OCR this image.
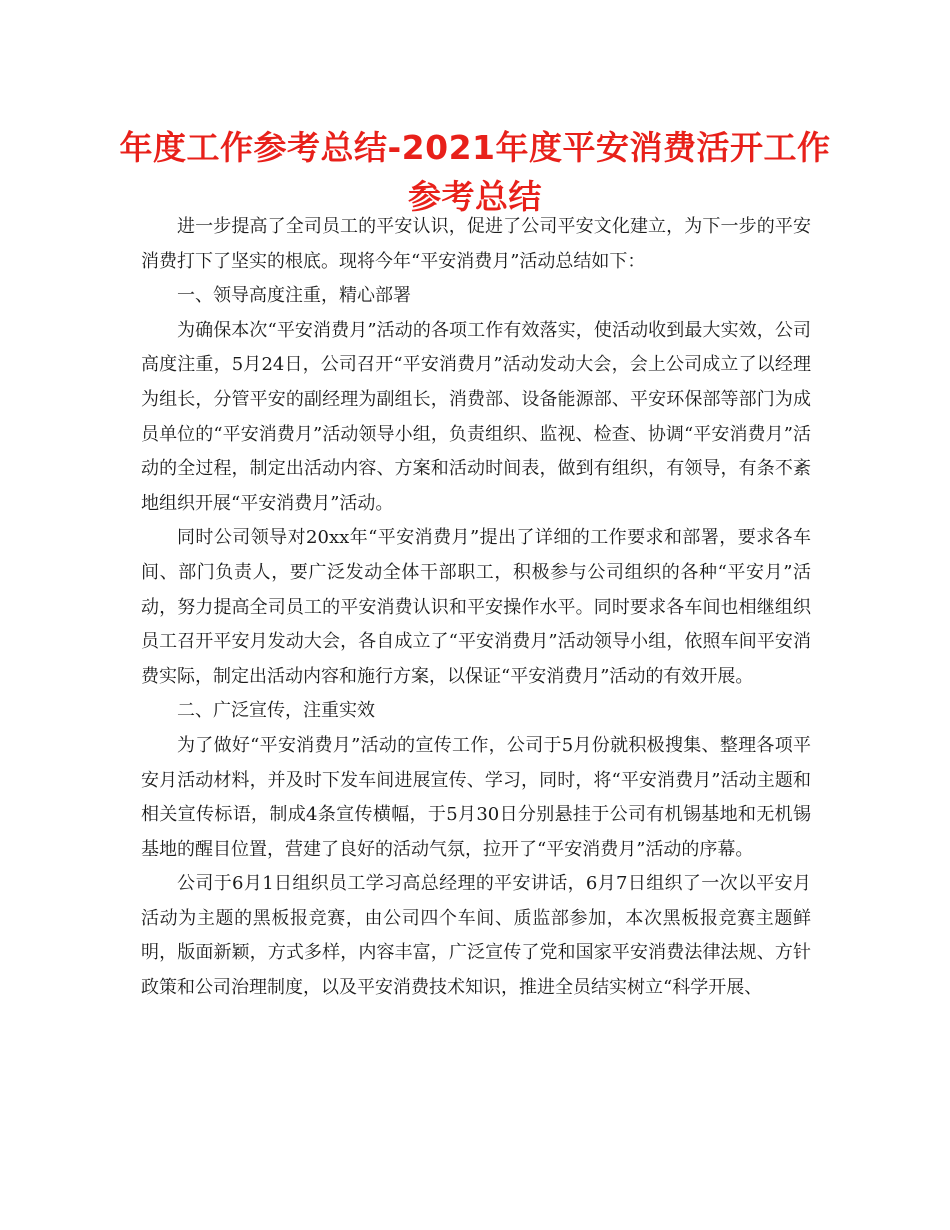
年度工作参考总结-2021年度平安消费活开工作
参考总结

进一步提高了全司员工的平安认识，促进了公司平安文化建立，为下一步的平安消费打下了坚实的根底。现将今年“平安消费月”活动总结如下：

一、领导高度注重，精心部署

为确保本次“平安消费月”活动的各项工作有效落实，使活动收到最大实效，公司高度注重，5月24日，公司召开“平安消费月”活动发动大会，会上公司成立了以经理为组长，分管平安的副经理为副组长，消费部、设备能源部、平安环保部等部门为成员单位的“平安消费月”活动领导小组，负责组织、监视、检查、协调“平安消费月”活动的全过程，制定出活动内容、方案和活动时间表，做到有组织，有领导，有条不紊地组织开展“平安消费月”活动。

同时公司领导对20xx年“平安消费月”提出了详细的工作要求和部署，要求各车间、部门负责人，要广泛发动全体干部职工，积极参与公司组织的各种“平安月”活动，努力提高全司员工的平安消费认识和平安操作水平。同时要求各车间也相继组织员工召开平安月发动大会，各自成立了“平安消费月”活动领导小组，依照车间平安消费实际，制定出活动内容和施行方案，以保证“平安消费月”活动的有效开展。

二、广泛宣传，注重实效

为了做好“平安消费月”活动的宣传工作，公司于5月份就积极搜集、整理各项平安月活动材料，并及时下发车间进展宣传、学习，同时，将“平安消费月”活动主题和相关宣传标语，制成4条宣传横幅，于5月30日分别悬挂于公司有机锡基地和无机锡基地的醒目位置，营建了良好的活动气氛，拉开了“平安消费月”活动的序幕。

公司于6月1日组织员工学习高总经理的平安讲话，6月7日组织了一次以平安月活动为主题的黑板报竞赛，由公司四个车间、质监部参加，本次黑板报竞赛主题鲜明，版面新颖，方式多样，内容丰富，广泛宣传了党和国家平安消费法律法规、方针政策和公司治理制度，以及平安消费技术知识，推进全员结实树立“科学开展、
